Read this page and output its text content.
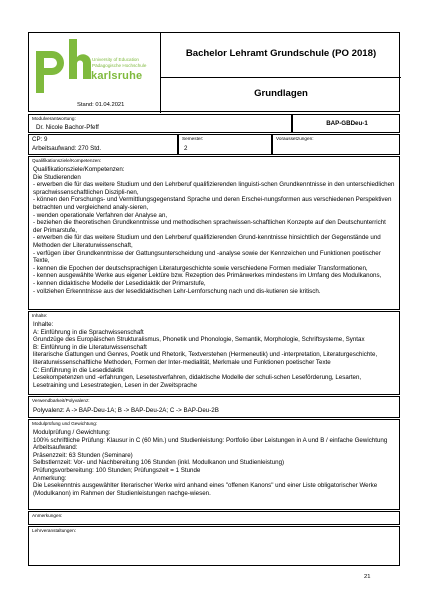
University of Education
Pädagogische Hochschule
karlsruhe
Stand: 01.04.2021
Bachelor Lehramt Grundschule (PO 2018)
Grundlagen
Modulverantwortung:
Dr. Nicole Bachor-Pfeff
BAP-GBDeu-1
CP: 9
Arbeitsaufwand: 270 Std.
Semester:
2
Voraussetzungen:
Qualifikationsziele/Kompetenzen:
Qualifikationsziele/Kompetenzen:
Die Studierenden
- erwerben die für das weitere Studium und den Lehrberuf qualifizierenden linguisti-schen Grundkenntnisse in den unterschiedlichen sprachwissenschaftlichen Diszipli-nen,
- können den Forschungs- und Vermittlungsgegenstand Sprache und deren Erschei-nungsformen aus verschiedenen Perspektiven betrachten und vergleichend analy-sieren,
- wenden operationale Verfahren der Analyse an,
- beziehen die theoretischen Grundkenntnisse und methodischen sprachwissen-schaftlichen Konzepte auf den Deutschunterricht der Primarstufe,
- erwerben die für das weitere Studium und den Lehrberuf qualifizierenden Grund-kenntnisse hinsichtlich der Gegenstände und Methoden der Literaturwissenschaft,
- verfügen über Grundkenntnisse der Gattungsunterscheidung und -analyse sowie der Kennzeichen und Funktionen poetischer Texte,
- kennen die Epochen der deutschsprachigen Literaturgeschichte sowie verschiedene Formen medialer Transformationen,
- kennen ausgewählte Werke aus eigener Lektüre bzw. Rezeption des Primärwerkes mindestens im Umfang des Modulkanons,
- kennen didaktische Modelle der Lesedidaktik der Primarstufe,
- vollziehen Erkenntnisse aus der lesedidaktischen Lehr-Lernforschung nach und dis-kutieren sie kritisch.
Inhalte:
Inhalte:
A: Einführung in die Sprachwissenschaft
Grundzüge des Europäischen Strukturalismus, Phonetik und Phonologie, Semantik, Morphologie, Schriftsysteme, Syntax
B: Einführung in die Literaturwissenschaft
literarische Gattungen und Genres, Poetik und Rhetorik, Textverstehen (Hermeneutik) und -interpretation, Literaturgeschichte, literaturwissenschaftliche Methoden, Formen der Inter-medialität, Merkmale und Funktionen poetischer Texte
C: Einführung in die Lesedidaktik
Lesekompetenzen und -erfahrungen, Lesetestverfahren, didaktische Modelle der schuli-schen Leseförderung, Lesarten, Lesetraining und Lesestrategien, Lesen in der Zweitsprache
Verwendbarkeit/Polyvalenz:
Polyvalenz: A -> BAP-Deu-1A; B -> BAP-Deu-2A; C -> BAP-Deu-2B
Modulprüfung und Gewichtung:
Modulprüfung / Gewichtung:
100% schriftliche Prüfung: Klausur in C (60 Min.) und Studienleistung: Portfolio über Leistungen in A und B / einfache Gewichtung
Arbeitsaufwand:
Präsenzzeit: 63 Stunden (Seminare)
Selbstlernzeit: Vor- und Nachbereitung 106 Stunden (inkl. Modulkanon und Studienleistung)
Prüfungsvorbereitung: 100 Stunden; Prüfungszeit = 1 Stunde
Anmerkung:
Die Lesekenntnis ausgewählter literarischer Werke wird anhand eines "offenen Kanons" und einer Liste obligatorischer Werke (Modulkanon) im Rahmen der Studienleistungen nachge-wiesen.
Anmerkungen:
Lehrveranstaltungen:
21
